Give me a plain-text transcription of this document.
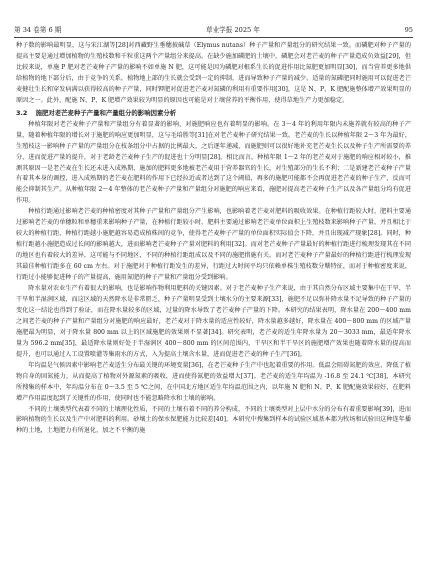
第 34 卷第 6 期	草业学报 2025 年	95

种子数的影响最明显，这与宋江湖等[28]对西藏野生垂穗披碱草（Elymus nutans）种子产量和产量组分的研究结果一致。而磷肥对种子产量的提高主要是通过增加植物的生殖枝数和千粒重这两个产量组分来提高。在缺少施加磷肥的土壤中，磷肥会对老芒麦的种子产量造成负效益[29]，但比较来说，单施 P 肥对老芒麦种子产量的影响不如单施 N 肥，这可能是因为磷肥对根系生长的促进作用比氮肥更加明显[30]，而当营养更多地供给植物的地下部分后，由于竞争的关系，植物地上部的生长就会受到一定的抑制，进而导致种子产量的减少。适量的氮磷肥同时施用可以促进老芒麦健壮生长和穿发病满以获得较高的种子产量，同时钾肥对促进老芒麦对氮磷的利用有重要作用[30]，这是 N、P、K 肥配施整体增产效果明显的原因之一。此外，配施 N、P、K 肥增产效果较为明显的原因也可能是对土壤营养的平衡作用，使得草地生产力更加稳定。

3.2 施肥对老芒麦种子产量和产量组分的影响因素分析

种植年限对老芒麦种子产量和产量组分有着显著的影响，对施肥响应也有着明显的影响。在 3～4 年的利用年限内未施养就有较高的种子产量，随着种植年限的增长对于施肥的响应更加明显，这与毛培胜等[31]在对老芒麦种子研究结果一致。老芒麦的生长以种植年限 2～3 年为最好，生殖枝这一影响种子产量的产量组分在枝条组分中占据的比例最大，之后逐年递减，而施肥则可以很好地补充老芒麦生长以及种子生产所需要的养分，进而促进产量的提升，对于老龄老芒麦种子生产的促进也十分明显[28]。相比而言，种植年限 1～2 年的老芒麦对于施肥的响应相对较小，推测其原因一是老芒麦在生长还未进入成熟期，施加的肥料更多地被老芒麦用于营养器官的生长，对生殖部分的生长不利；二是新建老芒麦种子产量有着其本身的调控，进入成熟期的老芒麦在肥料的作用下已经拉近或者达到了这个阈值，再多的施肥可能都不会再促进老芒麦的种子生产，反而可能会抑制其生产。从种植年限 2～4 年整体的老芒麦种子产量和产量组分对施肥的响应来看，施肥对提高老芒麦种子生产以及各产量组分均有促进作用。

种植行距通过影响老芒麦的种植密度对其种子产量和产量组分产生影响，也影响着老芒麦对肥料的吸收效果。在种植行距较大时，肥料主要通过影响老芒麦的单穗粒和单穗重来影响种子产量，在种植行距较小时，肥料主要通过影响老芒麦单位面积上生殖枝数来影响种子产量，并且相比于较大的种植行距，种植行距越小施肥越容易造成植株间的竞争，使得老芒麦种子产量的单位面积实际值会下降，并且出现减产现象[28]。同时，种植行距越小施肥造成过长间的影响越大，进而影响老芒麦种子产量对肥料的利用[32]。而对老芒麦种子产量最好的种植行距进行梳理发现其在不同的地区也有着较大的差异，这可能与不同地区、不同的种植行距组成以及不同的施肥措施有关。而对老芒麦种子产量最好的种植行距进行梳理发现其最佳种植行距多在 60 cm 左右。对于施肥对于种植行距发生的差异，行距过大时间平均只依赖单株生殖枝数分蘖特征，而对于种植密度来说，行距过小能够促进种子的产量提高，施用氮肥的种子产量和产量组分受到影响。

降水量对农业生产有着很大的影响，也是影响作物利用肥料的关键因素。对于老芒麦种子生产来说，由于其自然分布区域主要集中在干旱、半干旱和半湿润区域，而这区域的天然降水是非常匮乏，种子产量明显受到土壤水分的主要来源[33]，施肥不足以弥补降水量不足导致的种子产量的变化这一结论也得到了验证，而在降水量较多的区域，过量的降水导致了老芒麦种子产量的下降。本研究的结果表明，降水量在 200～400 mm 之间老芒麦的种子产量和产量组分对施肥的响应最好，老芒麦对于降水量的适应性较好，降水量越多越好，降水量在 400～800 mm 的区域产量施肥最为明显，对于降水量 800 mm 以上的区域施肥的效果则不显著[34]。研究表明，老芒麦的适生年降水量为 20～3033 mm，最适年降水量为 596.2 mm[35]，最适降水量则好处于半湿润区 400～800 mm 的区间范围内，干旱区和半干旱区的施肥增产效果也随着降水量的提高而提升，也可以通过人工设置喷灌等集雨水的方式，入为提高土壤含水量，进而促进老芒麦的种子生产[36]。

年均温是气候因素中影响老芒麦适生分布最关键的环境变量[36]，在老芒麦种子生产中也起着重要的作用。低温会阻碍氮肥的效应，降低了植物自身的固氮能力，从而提高了植物对外源氮素的吸收，进而使得氮肥的效益增大[37]。老芒麦的适生年均温为 -16.8 至 24.1 ℃[38]，本研究所搜集的样本中，年均温分布在 0～3.5 至 5 ℃之间，在中国北方地区适生年均温范围之内，以年施 N 肥和 N、P、K 肥配施效果较好，在肥料增产作用温度起到了关键性的作用，使同时也不能忽略降水和土壤的影响。

不同的土壤类型代表着不同的土壤理化性质，不同的土壤有着不同的养分构成，不同的土壤类型对上层中水分的分布有着重要影响[39]，进而影响植物的生长以及生产中对肥料的利用。砂壤土的保水保肥能力比较差[40]，本研究中搜集到样本的试验区域基本都为牧场和试验田这种连年播种的土地，土地肥力有所退化，加之不平衡的施
